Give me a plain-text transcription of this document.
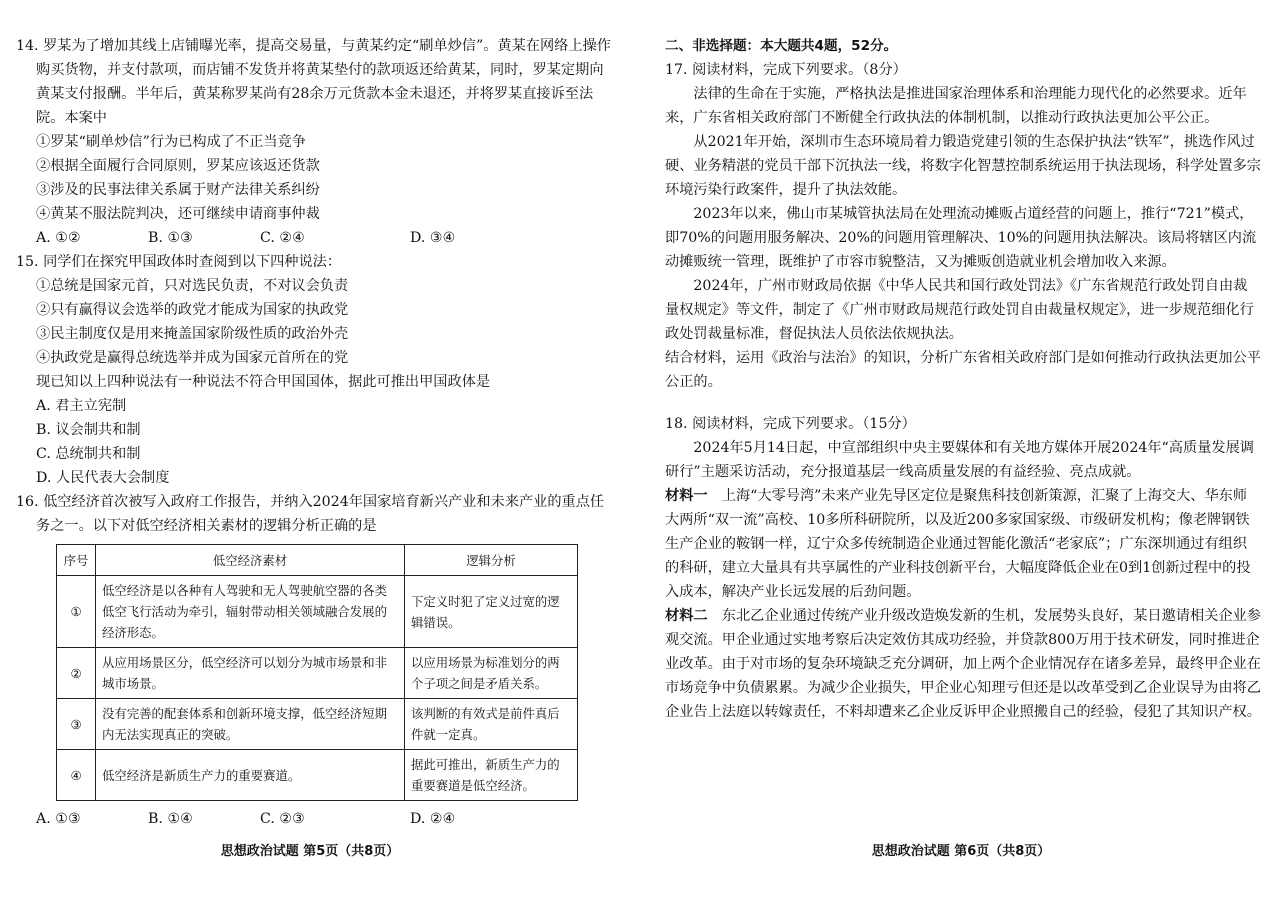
14. 罗某为了增加其线上店铺曝光率，提高交易量，与黄某约定“刷单炒信”。黄某在网络上操作购买货物，并支付款项，而店铺不发货并将黄某垫付的款项返还给黄某，同时，罗某定期向黄某支付报酬。半年后，黄某称罗某尚有28余万元货款本金未退还，并将罗某直接诉至法院。本案中

①罗某“刷单炒信”行为已构成了不正当竞争
②根据全面履行合同原则，罗某应该返还货款
③涉及的民事法律关系属于财产法律关系纠纷
④黄某不服法院判决，还可继续申请商事仲裁
A. ①②	B. ①③	C. ②④	D. ③④

15. 同学们在探究甲国政体时查阅到以下四种说法：

①总统是国家元首，只对选民负责，不对议会负责
②只有赢得议会选举的政党才能成为国家的执政党
③民主制度仅是用来掩盖国家阶级性质的政治外壳
④执政党是赢得总统选举并成为国家元首所在的党
现已知以上四种说法有一种说法不符合甲国国体，据此可推出甲国政体是
A. 君主立宪制
B. 议会制共和制
C. 总统制共和制
D. 人民代表大会制度

16. 低空经济首次被写入政府工作报告，并纳入2024年国家培育新兴产业和未来产业的重点任务之一。以下对低空经济相关素材的逻辑分析正确的是

序号	低空经济素材	逻辑分析
①	低空经济是以各种有人驾驶和无人驾驶航空器的各类低空飞行活动为牵引，辐射带动相关领域融合发展的经济形态。	下定义时犯了定义过宽的逻辑错误。
②	从应用场景区分，低空经济可以划分为城市场景和非城市场景。	以应用场景为标准划分的两个子项之间是矛盾关系。
③	没有完善的配套体系和创新环境支撑，低空经济短期内无法实现真正的突破。	该判断的有效式是前件真后件就一定真。
④	低空经济是新质生产力的重要赛道。	据此可推出，新质生产力的重要赛道是低空经济。
A. ①③	B. ①④	C. ②③	D. ②④
思想政治试题 第5页（共8页）
二、非选择题：本大题共4题，52分。
17. 阅读材料，完成下列要求。（8分）

法律的生命在于实施，严格执法是推进国家治理体系和治理能力现代化的必然要求。近年来，广东省相关政府部门不断健全行政执法的体制机制，以推动行政执法更加公平公正。

从2021年开始，深圳市生态环境局着力锻造党建引领的生态保护执法“铁军”，挑选作风过硬、业务精湛的党员干部下沉执法一线，将数字化智慧控制系统运用于执法现场，科学处置多宗环境污染行政案件，提升了执法效能。

2023年以来，佛山市某城管执法局在处理流动摊贩占道经营的问题上，推行“721”模式，即70%的问题用服务解决、20%的问题用管理解决、10%的问题用执法解决。该局将辖区内流动摊贩统一管理，既维护了市容市貌整洁，又为摊贩创造就业机会增加收入来源。

2024年，广州市财政局依据《中华人民共和国行政处罚法》《广东省规范行政处罚自由裁量权规定》等文件，制定了《广州市财政局规范行政处罚自由裁量权规定》，进一步规范细化行政处罚裁量标准，督促执法人员依法依规执法。

结合材料，运用《政治与法治》的知识，分析广东省相关政府部门是如何推动行政执法更加公平公正的。
18. 阅读材料，完成下列要求。（15分）

2024年5月14日起，中宣部组织中央主要媒体和有关地方媒体开展2024年“高质量发展调研行”主题采访活动，充分报道基层一线高质量发展的有益经验、亮点成就。

材料一　 上海“大零号湾”未来产业先导区定位是聚焦科技创新策源，汇聚了上海交大、华东师大两所“双一流”高校、10多所科研院所，以及近200多家国家级、市级研发机构；像老牌钢铁生产企业的鞍钢一样，辽宁众多传统制造企业通过智能化激活“老家底”；广东深圳通过有组织的科研，建立大量具有共享属性的产业科技创新平台，大幅度降低企业在0到1创新过程中的投入成本，解决产业长远发展的后劲问题。

材料二　 东北乙企业通过传统产业升级改造焕发新的生机，发展势头良好，某日邀请相关企业参观交流。甲企业通过实地考察后决定效仿其成功经验，并贷款800万用于技术研发，同时推进企业改革。由于对市场的复杂环境缺乏充分调研，加上两个企业情况存在诸多差异，最终甲企业在市场竞争中负债累累。为减少企业损失，甲企业心知理亏但还是以改革受到乙企业误导为由将乙企业告上法庭以转嫁责任，不料却遭来乙企业反诉甲企业照搬自己的经验，侵犯了其知识产权。

思想政治试题 第6页（共8页）
